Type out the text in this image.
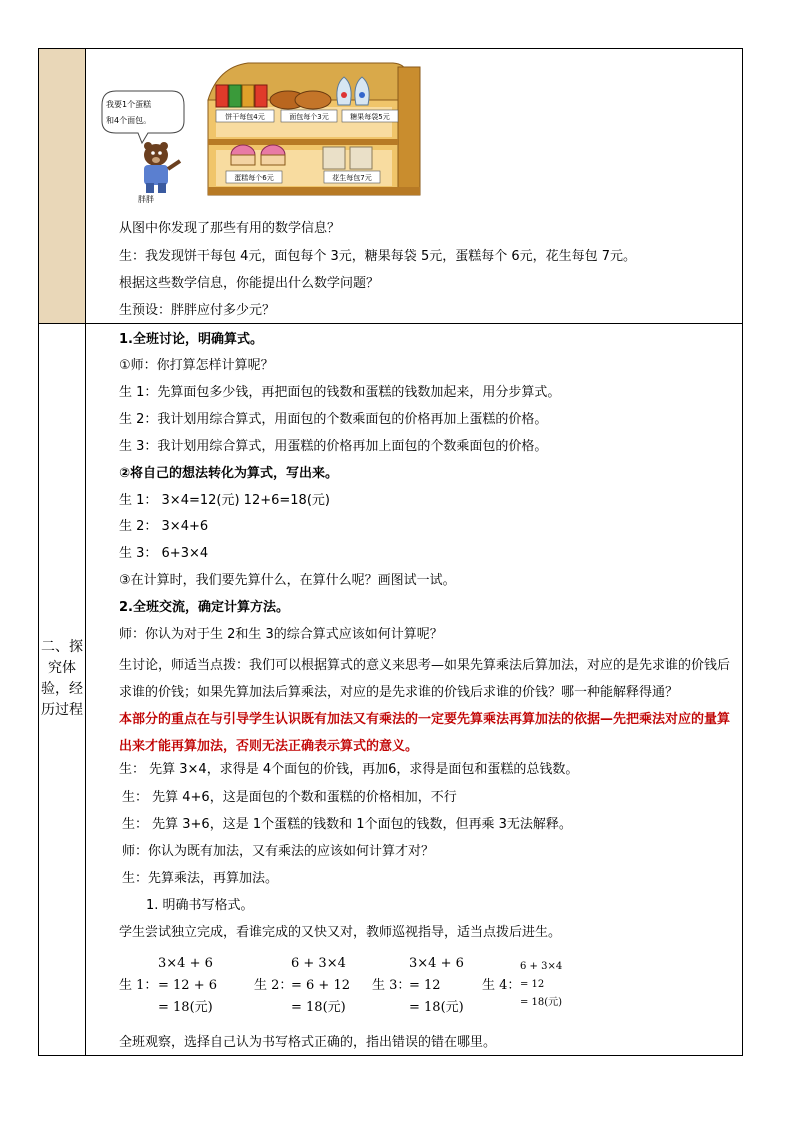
二、探究体验，经历过程
饼干每包4元	面包每个3元	糖果每袋5元
蛋糕每个6元	花生每包7元
我要1个蛋糕
和4个面包。
胖胖
从图中你发现了那些有用的数学信息？
生：我发现饼干每包 4元，面包每个 3元，糖果每袋 5元，蛋糕每个 6元，花生每包 7元。
根据这些数学信息，你能提出什么数学问题？
生预设：胖胖应付多少元？
1.全班讨论，明确算式。
①师：你打算怎样计算呢？
生 1：先算面包多少钱，再把面包的钱数和蛋糕的钱数加起来，用分步算式。
生 2：我计划用综合算式，用面包的个数乘面包的价格再加上蛋糕的价格。
生 3：我计划用综合算式，用蛋糕的价格再加上面包的个数乘面包的价格。
②将自己的想法转化为算式，写出来。
生 1： 3×4=12(元) 12+6=18(元)
生 2： 3×4+6
生 3： 6+3×4
③在计算时，我们要先算什么，在算什么呢？画图试一试。
2.全班交流，确定计算方法。
师：你认为对于生 2和生 3的综合算式应该如何计算呢？
生讨论，师适当点拨：我们可以根据算式的意义来思考—如果先算乘法后算加法，对应的是先求谁的价钱后求谁的价钱；如果先算加法后算乘法，对应的是先求谁的价钱后求谁的价钱？哪一种能解释得通？
本部分的重点在与引导学生认识既有加法又有乘法的一定要先算乘法再算加法的依据—先把乘法对应的量算出来才能再算加法，否则无法正确表示算式的意义。
生： 先算 3×4，求得是 4个面包的价钱，再加6，求得是面包和蛋糕的总钱数。
生： 先算 4+6，这是面包的个数和蛋糕的价格相加，不行
生： 先算 3+6，这是 1个蛋糕的钱数和 1个面包的钱数，但再乘 3无法解释。
师：你认为既有加法，又有乘法的应该如何计算才对？
生：先算乘法，再算加法。
1. 明确书写格式。
学生尝试独立完成，看谁完成的又快又对，教师巡视指导，适当点拨后进生。
生 1：
3×4 + 6
= 12 + 6
= 18(元)
生 2：
6 + 3×4
= 6 + 12
= 18(元)
生 3：
3×4 + 6
= 12
= 18(元)
生 4：
6 + 3×4
= 12
= 18(元)
全班观察，选择自己认为书写格式正确的，指出错误的错在哪里。
